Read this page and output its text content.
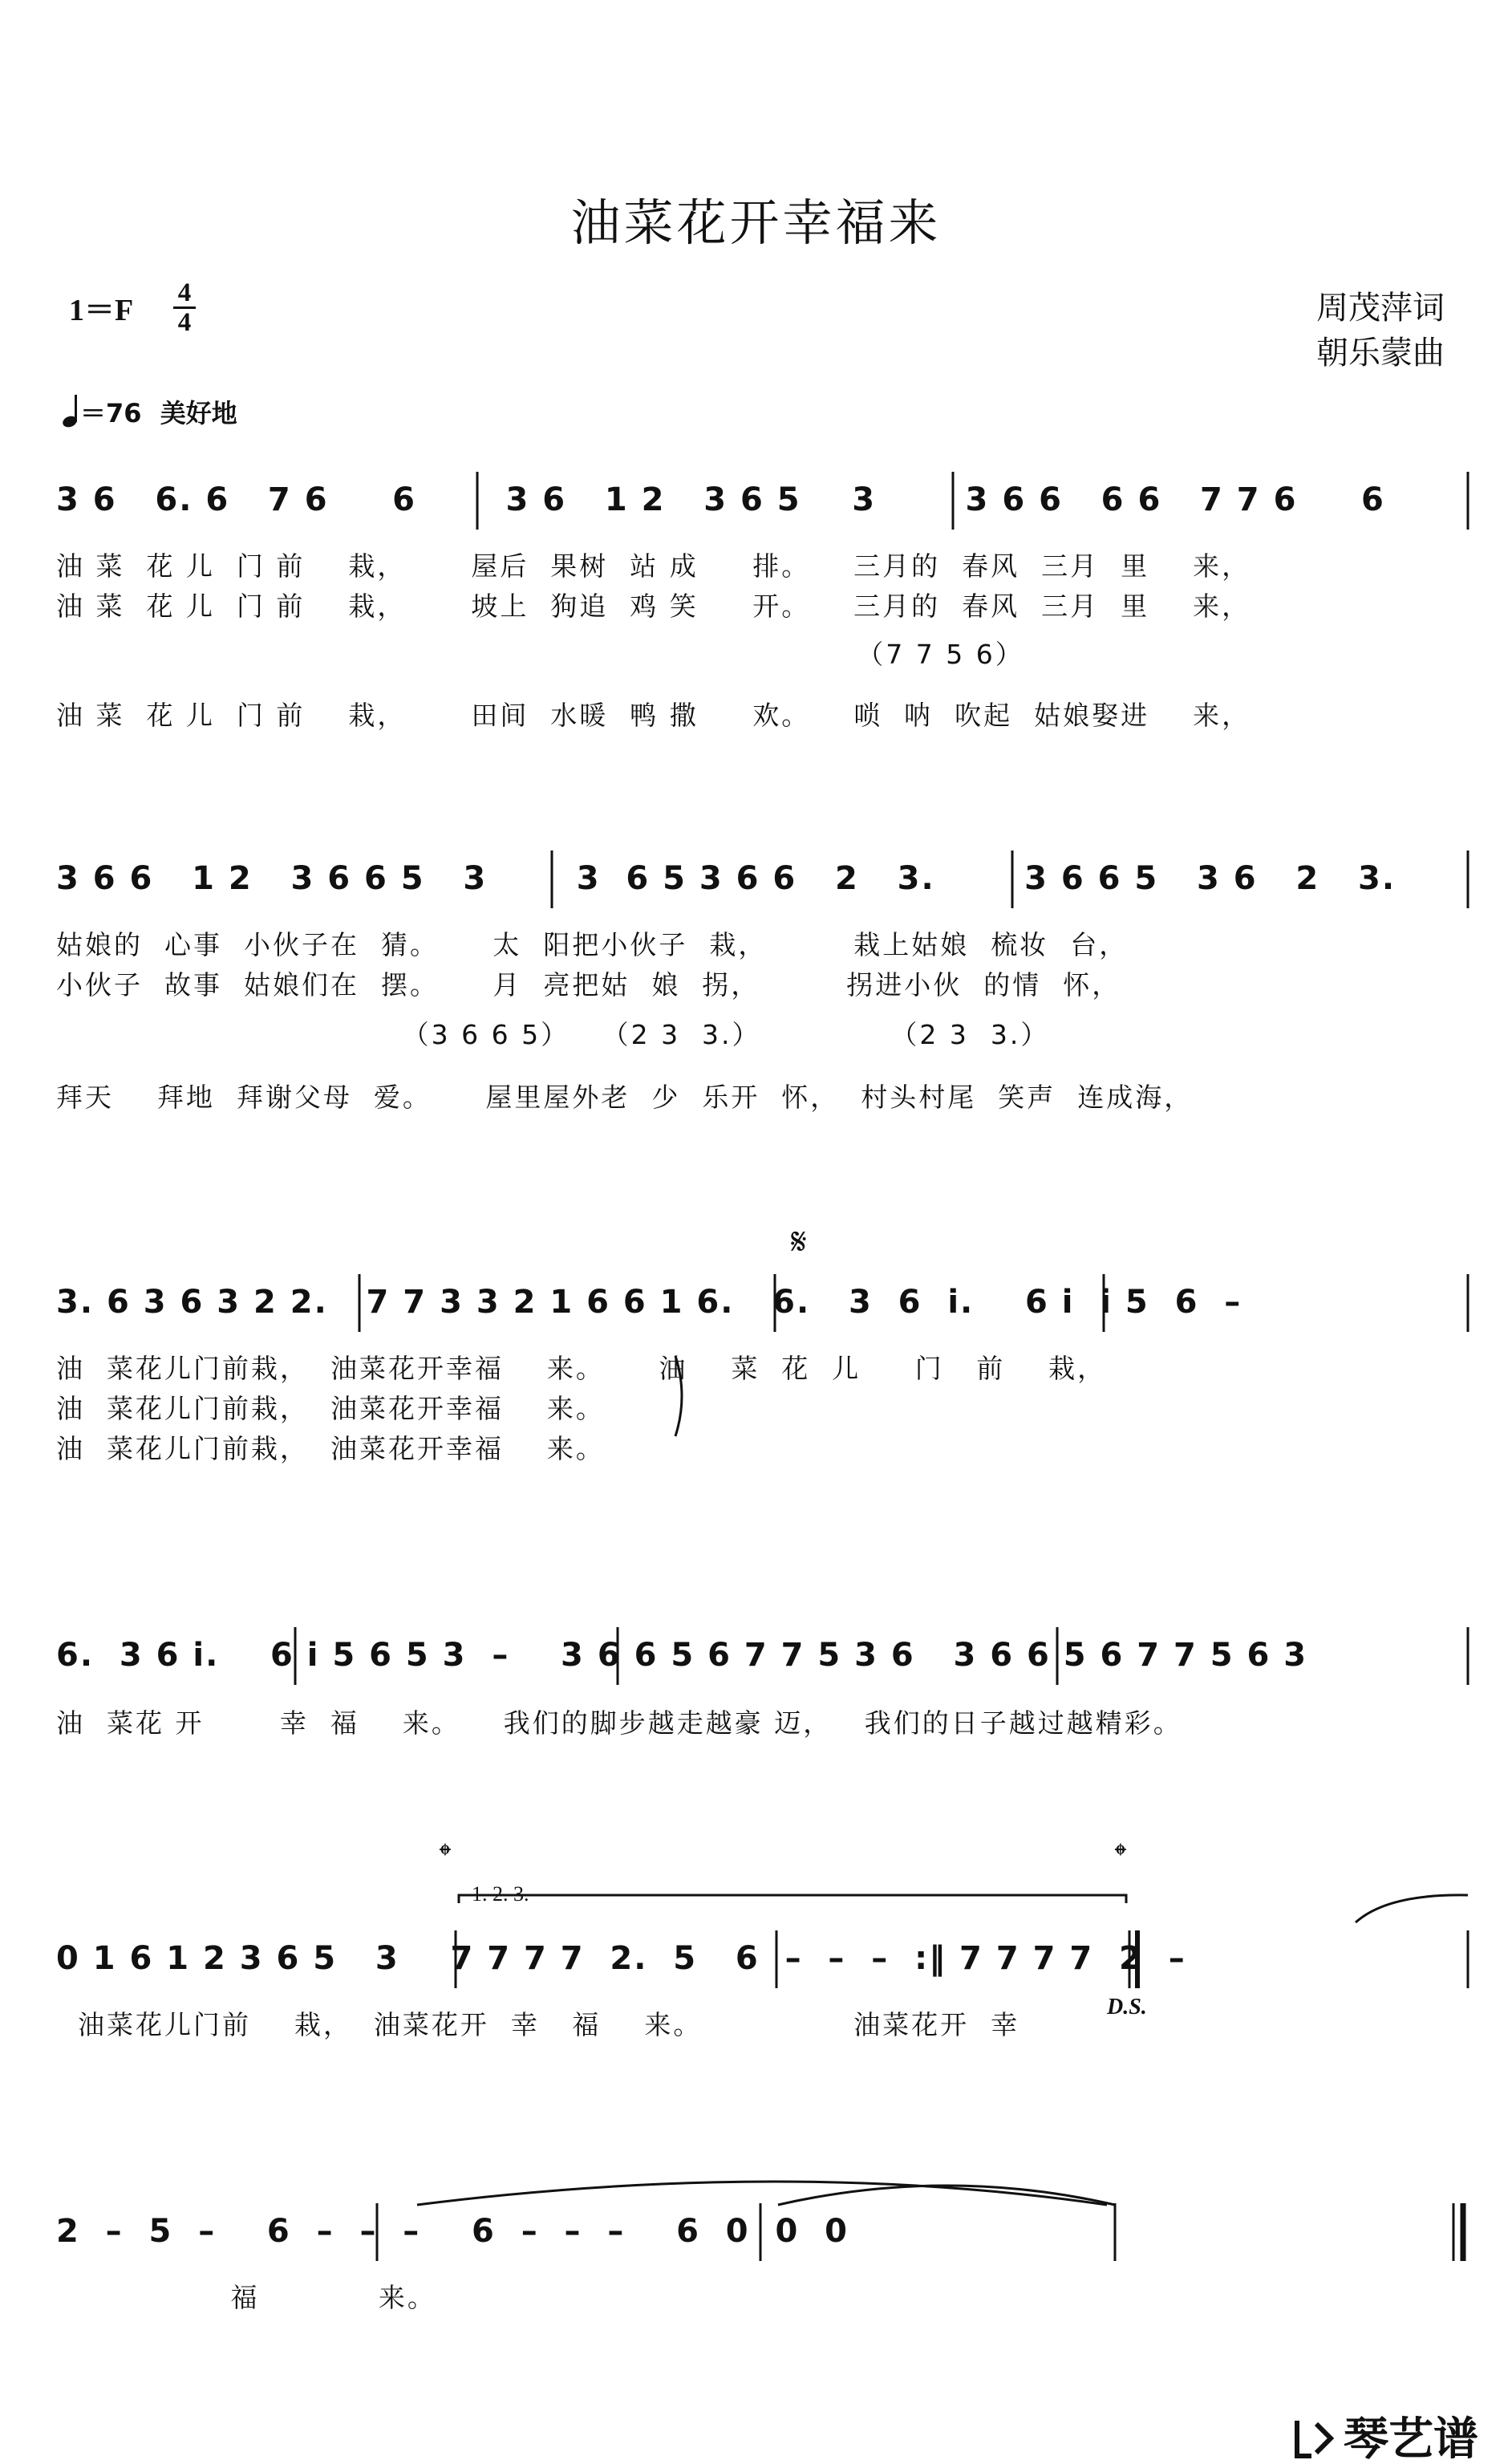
油菜花开幸福来
1＝F
4
4	周茂萍词
朝乐蒙曲
＝76 美好地
3 6   6. 6   7 6     6       3 6   1 2   3 6 5    3       3 6 6   6 6   7 7 6     6
油 菜  花 儿  门 前    栽，      屋后  果树  站 成     排。    三月的  春风  三月  里    来，
油 菜  花 儿  门 前    栽，      坡上  狗追  鸡 笑     开。    三月的  春风  三月  里    来，
（7 7 5 6）
油 菜  花 儿  门 前    栽，      田间  水暖  鸭 撒     欢。    唢  呐  吹起  姑娘娶进    来，
3 6 6   1 2   3 6 6 5   3       3  6 5 3 6 6   2   3.       3 6 6 5   3 6   2   3.
姑娘的  心事  小伙子在  猜。     太  阳把小伙子  栽，        栽上姑娘  梳妆  台，
小伙子  故事  姑娘们在  摆。     月  亮把姑  娘  拐，        拐进小伙  的情  怀，
（3 6 6 5）   （2 3  3.）            （2 3  3.）
拜天    拜地  拜谢父母  爱。     屋里屋外老  少  乐开  怀，  村头村尾  笑声  连成海，
𝄋
3. 6 3 6 3 2 2.   7 7 3 3 2 1 6 6 1 6.   6.   3  6  i.    6 i  i 5  6  –
油  菜花儿门前栽，  油菜花开幸福    来。     油    菜  花  儿     门   前    栽，
油  菜花儿门前栽，  油菜花开幸福    来。
油  菜花儿门前栽，  油菜花开幸福    来。
6.  3 6 i.    6 i 5 6 5 3  –    3 6 6 5 6 7 7 5 3 6   3 6 6 5 6 7 7 5 6 3
油  菜花 开       幸  福    来。    我们的脚步越走越豪 迈，   我们的日子越过越精彩。
𝄌	𝄌
1. 2. 3.
0 1 6 1 2 3 6 5   3    7 7 7 7  2.  5   6  –  –  –  :‖ 7 7 7 7  2  –
D.S.
油菜花儿门前    栽，  油菜花开  幸   福    来。              油菜花开  幸
2  –  5  –    6  –  –  –    6  –  –  –    6  0  0  0
福           来。
琴艺谱
